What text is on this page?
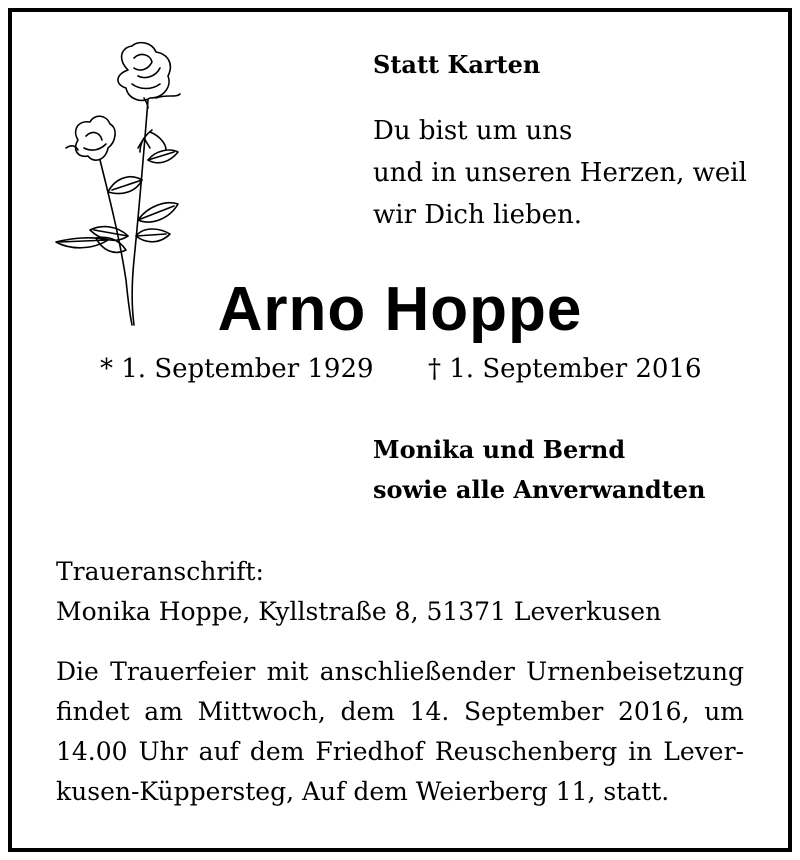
Statt Karten
Du bist um uns
und in unseren Herzen, weil
wir Dich lieben.
Arno Hoppe
* 1. September 1929 † 1. September 2016
Monika und Bernd
sowie alle Anverwandten
Traueranschrift:
Monika Hoppe, Kyllstraße 8, 51371 Leverkusen
Die Trauerfeier mit anschließender Urnenbeisetzung
findet am Mittwoch, dem 14. September 2016, um
14.00 Uhr auf dem Friedhof Reuschenberg in Lever-
kusen-Küppersteg, Auf dem Weierberg 11, statt.
